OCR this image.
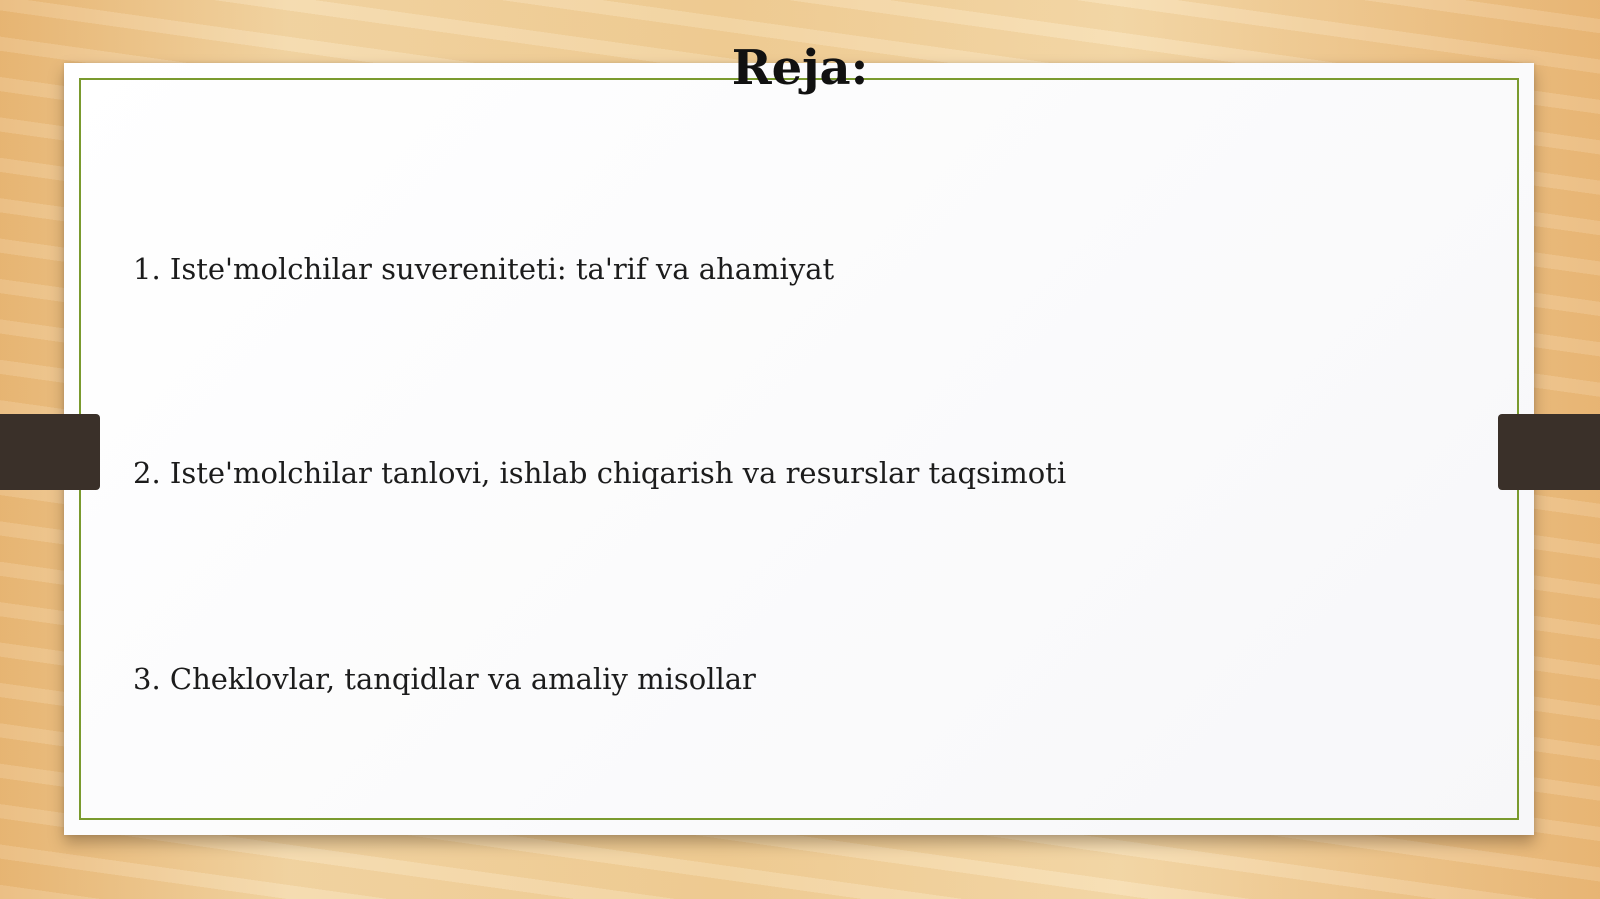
Reja:

1. Iste'molchilar suvereniteti: ta'rif va ahamiyat

2. Iste'molchilar tanlovi, ishlab chiqarish va resurslar taqsimoti

3. Cheklovlar, tanqidlar va amaliy misollar
